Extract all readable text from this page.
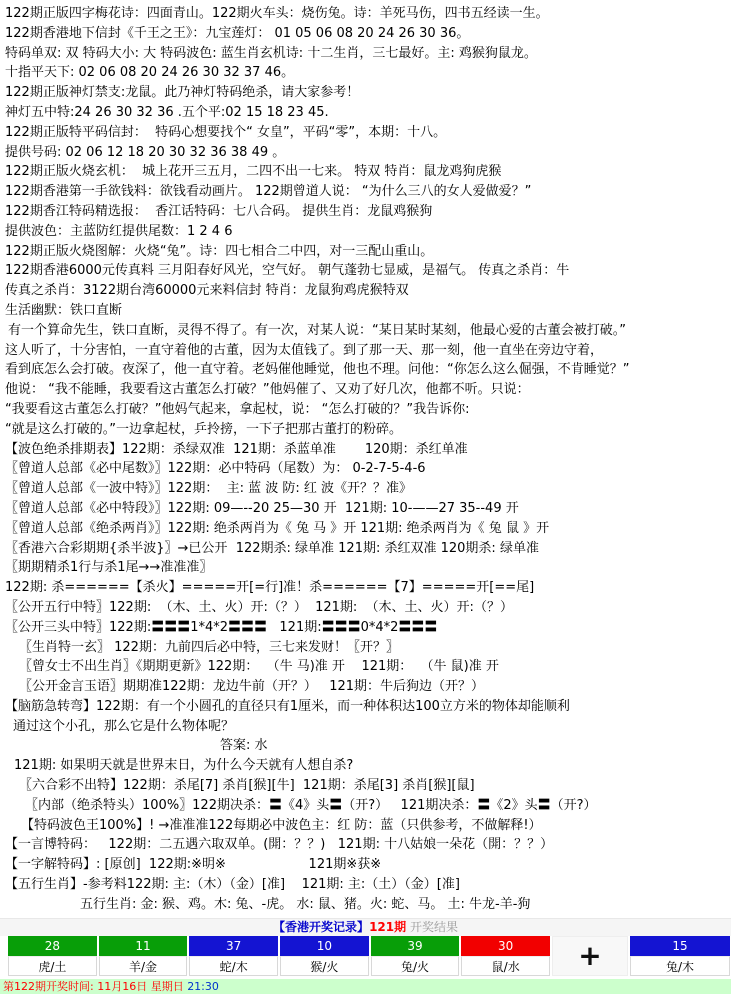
122期正版四字梅花诗：四面青山。122期火车头：烧伤兔。诗：羊死马伤，四书五经读一生。
122期香港地下信封《千王之王》：九宝莲灯： 01 05 06 08 20 24 26 30 36。
特码单双: 双 特码大小: 大 特码波色: 蓝生肖玄机诗: 十二生肖，三七最好。主: 鸡猴狗鼠龙。
十指平天下: 02 06 08 20 24 26 30 32 37 46。
122期正版神灯禁支:龙鼠。此乃神灯特码绝杀，请大家参考！
神灯五中特:24 26 30 32 36 .五个平:02 15 18 23 45.
122期正版特平码信封：  特码心想要找个“ 女皇”，平码“零”，本期：十八。
提供号码: 02 06 12 18 20 30 32 36 38 49 。
122期正版火烧玄机：  城上花开三五月，二四不出一七来。 特双 特肖：鼠龙鸡狗虎猴
122期香港第一手欲钱料：欲钱看动画片。 122期曾道人说： “为什么三八的女人爱做爱？”
122期香江特码精选报：  香江话特码：七八合码。 提供生肖：龙鼠鸡猴狗
提供波色：主蓝防红提供尾数：1 2 4 6
122期正版火烧图解：火烧“兔”。诗：四七相合二中四，对一三配山重山。
122期香港6000元传真料 三月阳春好风光，空气好。 朝气蓬勃七显威，是福气。 传真之杀肖：牛
传真之杀肖：3122期台湾60000元来料信封 特肖：龙鼠狗鸡虎猴特双
生活幽默：铁口直断
有一个算命先生，铁口直断，灵得不得了。有一次，对某人说：“某日某时某刻，他最心爱的古董会被打破。”
这人听了，十分害怕，一直守着他的古董，因为太值钱了。到了那一天、那一刻，他一直坐在旁边守着，
看到底怎么会打破。夜深了，他一直守着。老妈催他睡觉，他也不理。问他：“你怎么这么倔强，不肯睡觉？”
他说： “我不能睡，我要看这古董怎么打破？”他妈催了、又劝了好几次，他都不听。只说：
“我要看这古董怎么打破？”他妈气起来，拿起杖，说： “怎么打破的？”我告诉你:
“就是这么打破的。”一边拿起杖，乒拎搒，一下子把那古董打的粉碎。
【波色绝杀排期表】122期：杀绿双准  121期：杀蓝单准       120期：杀红单准
〖曾道人总部《必中尾数》〗122期：必中特码（尾数）为： 0-2-7-5-4-6
〖曾道人总部《一波中特》〗122期：  主: 蓝 波 防: 红 波《开？？准》
〖曾道人总部《必中特段》〗122期: 09—--20 25—30 开  121期: 10-——27 35--49 开
〖曾道人总部《绝杀两肖》〗122期: 绝杀两肖为《 兔 马 》开 121期: 绝杀两肖为《 兔 鼠 》开
〖香港六合彩期期{杀半波}〗→已公开  122期杀: 绿单准 121期: 杀红双准 120期杀: 绿单准
〖期期精杀1行与杀1尾→→准准准〗
122期: 杀======【杀火】=====开[=行]准！杀======【7】=====开[==尾]
〖公开五行中特〗122期:  （木、土、火）开:（？）  121期:  （木、土、火）开:（？）
〖公开三头中特〗122期:〓〓〓1*4*2〓〓〓   121期:〓〓〓0*4*2〓〓〓
〖生肖特一玄〗 122期：九前四后必中特，三七来发财！〖开？〗
〖曾女士不出生肖〗《期期更新》122期：  （牛 马)准 开    121期：  （牛 鼠)准 开
〖公开金言玉语〗期期准122期：龙边牛前（开？）   121期：牛后狗边（开？）
【脑筋急转弯】122期：有一个小圆孔的直径只有1厘米，而一种体积达100立方米的物体却能顺利
通过这个小孔，那么它是什么物体呢？
答案: 水
121期: 如果明天就是世界末日，为什么今天就有人想自杀?
〖六合彩不出特】122期：杀尾[7] 杀肖[猴][牛]  121期：杀尾[3] 杀肖[猴][鼠]
〖内部（绝杀特头）100%〗122期决杀：〓《4》头〓（开?）   121期决杀：〓《2》头〓（开?）
【特码波色王100%】! →准准准122每期必中波色主：红 防：蓝（只供参考，不做解释!）
【一言博特码：   122期：二五遇六取双单。(開：？？)   121期: 十八姑娘一朵花（開：？？）
【一字解特码】: [原创]  122期:※明※                    121期※获※
【五行生肖】-参考料122期: 主:（木）（金）[准]    121期: 主:（土）（金）[准]
五行生肖: 金: 猴、鸡。木: 兔、-虎。 水: 鼠、猪。火: 蛇、马。 土: 牛龙-羊-狗
【香港开奖记录】 121期 开奖结果
28
虎/土
11
羊/金
37
蛇/木
10
猴/火
39
兔/火
30
鼠/水	+	15
兔/木
第122期开奖时间: 11月16日 星期日 21:30
